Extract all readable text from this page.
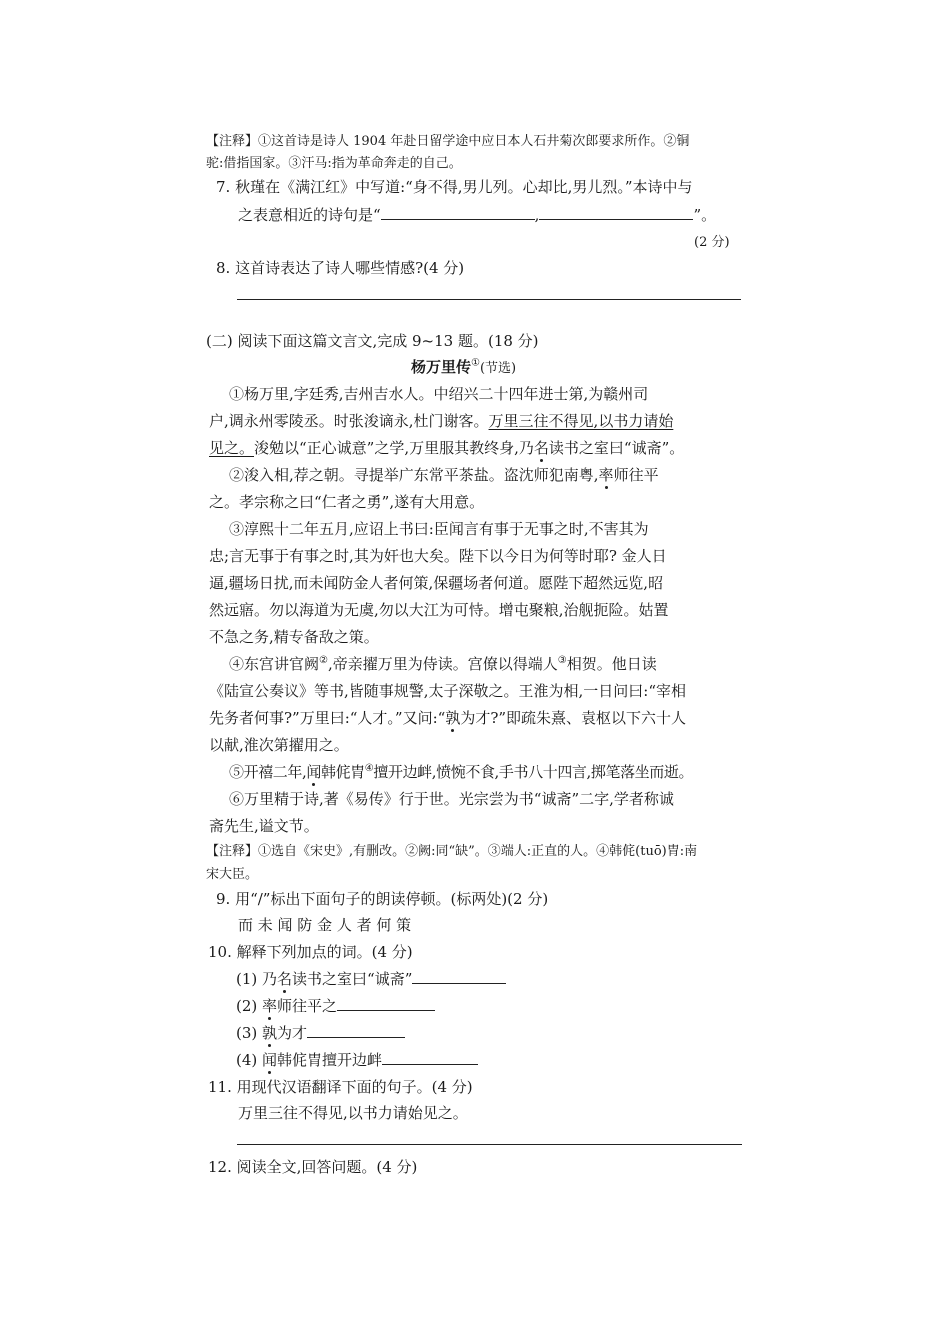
【注释】①这首诗是诗人 1904 年赴日留学途中应日本人石井菊次郎要求所作。②铜
驼:借指国家。③汗马:指为革命奔走的自己。
7. 秋瑾在《满江红》中写道:“身不得,男儿列。心却比,男儿烈。”本诗中与
之表意相近的诗句是“	,	”。
(2 分)
8. 这首诗表达了诗人哪些情感?(4 分)
(二) 阅读下面这篇文言文,完成 9~13 题。(18 分)
杨万里传①(节选)
①杨万里,字廷秀,吉州吉水人。中绍兴二十四年进士第,为赣州司
户,调永州零陵丞。时张浚谪永,杜门谢客。万里三往不得见,以书力请始
见之。浚勉以“正心诚意”之学,万里服其教终身,乃名读书之室曰“诚斋”。
②浚入相,荐之朝。寻提举广东常平茶盐。盗沈师犯南粤,率师往平
之。孝宗称之曰“仁者之勇”,遂有大用意。
③淳熙十二年五月,应诏上书曰:臣闻言有事于无事之时,不害其为
忠;言无事于有事之时,其为奸也大矣。陛下以今日为何等时耶? 金人日
逼,疆场日扰,而未闻防金人者何策,保疆场者何道。愿陛下超然远览,昭
然远寤。勿以海道为无虞,勿以大江为可恃。增屯聚粮,治舰扼险。姑置
不急之务,精专备敌之策。
④东宫讲官阙②,帝亲擢万里为侍读。宫僚以得端人③相贺。他日读
《陆宣公奏议》等书,皆随事规警,太子深敬之。王淮为相,一日问曰:“宰相
先务者何事?”万里曰:“人才。”又问:“孰为才?”即疏朱熹、袁枢以下六十人
以献,淮次第擢用之。
⑤开禧二年,闻韩侂胄④擅开边衅,愤惋不食,手书八十四言,掷笔落坐而逝。
⑥万里精于诗,著《易传》行于世。光宗尝为书“诚斋”二字,学者称诚
斋先生,谥文节。
【注释】①选自《宋史》,有删改。②阙:同“缺”。③端人:正直的人。④韩侂(tuō)胄:南
宋大臣。
9. 用“/”标出下面句子的朗读停顿。(标两处)(2 分)
而 未 闻 防 金 人 者 何 策
10. 解释下列加点的词。(4 分)
(1) 乃名读书之室曰“诚斋”
(2) 率师往平之
(3) 孰为才
(4) 闻韩侂胄擅开边衅
11. 用现代汉语翻译下面的句子。(4 分)
万里三往不得见,以书力请始见之。
12. 阅读全文,回答问题。(4 分)
